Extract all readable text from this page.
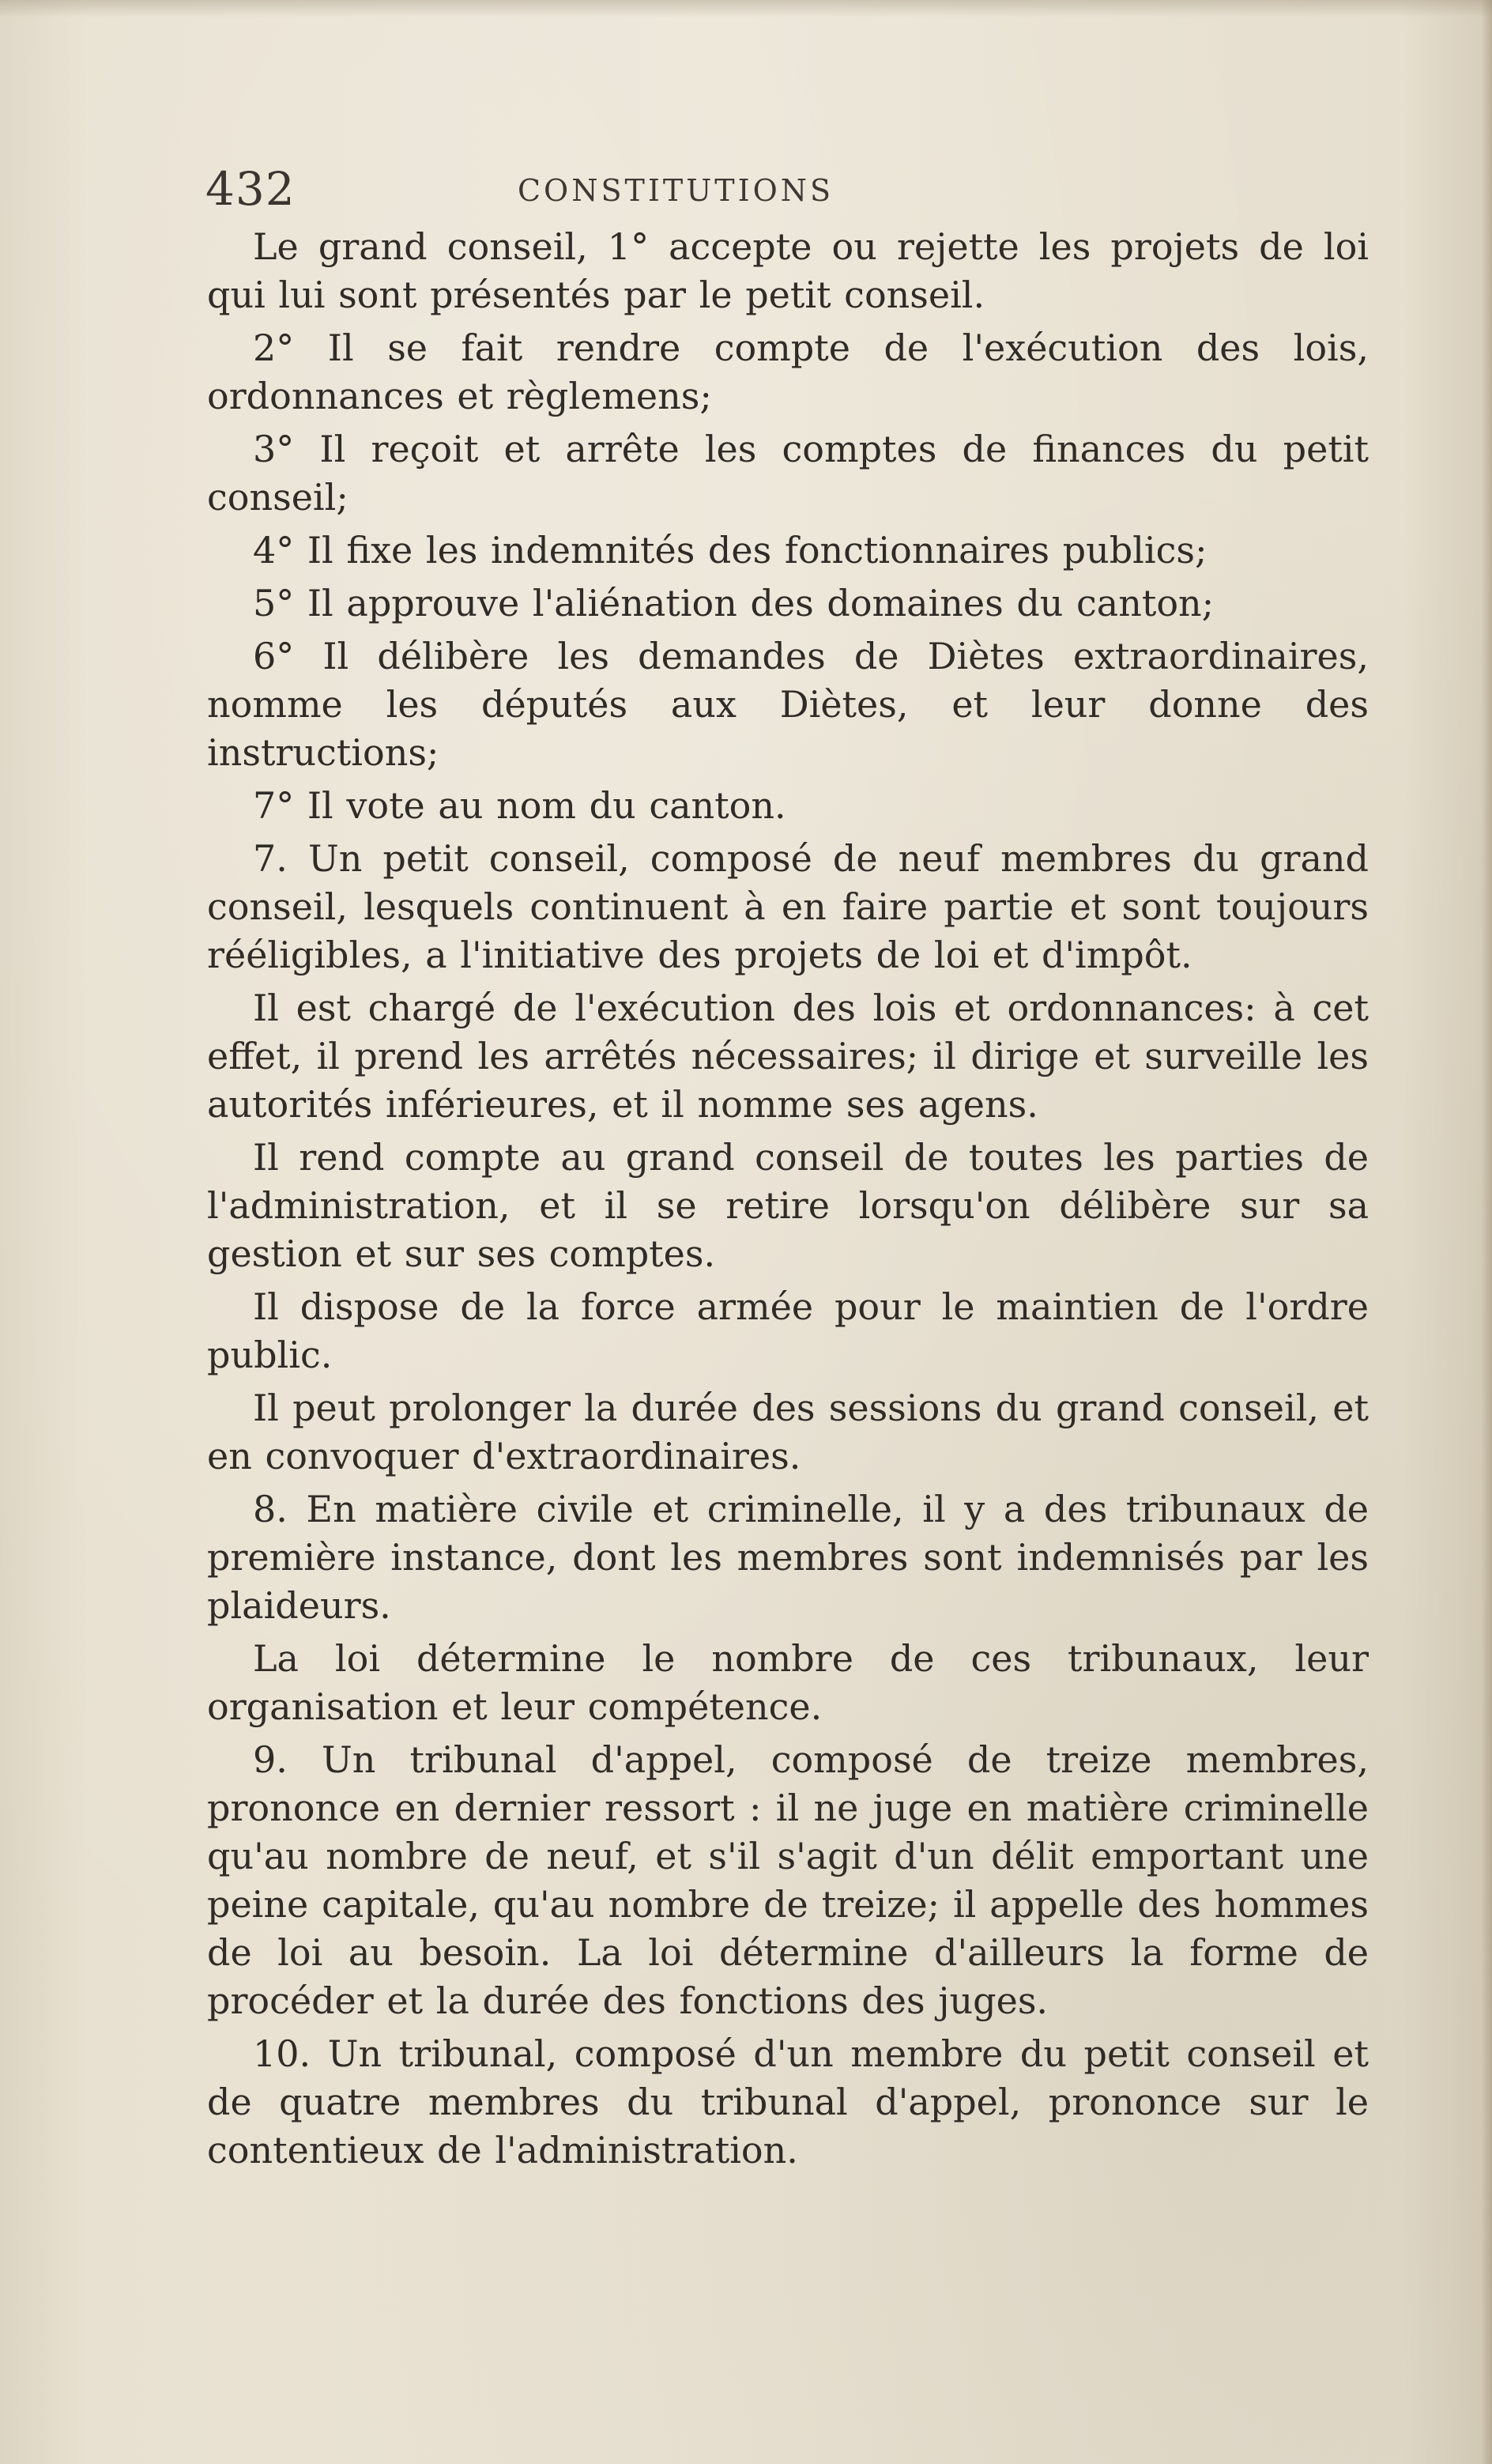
432	CONSTITUTIONS

Le grand conseil, 1° accepte ou rejette les projets de loi qui lui sont présentés par le petit conseil.

2° Il se fait rendre compte de l'exécution des lois, ordonnances et règlemens;

3° Il reçoit et arrête les comptes de finances du petit conseil;

4° Il fixe les indemnités des fonctionnaires publics;

5° Il approuve l'aliénation des domaines du canton;

6° Il délibère les demandes de Diètes extraordinaires, nomme les députés aux Diètes, et leur donne des instructions;

7° Il vote au nom du canton.

7. Un petit conseil, composé de neuf membres du grand conseil, lesquels continuent à en faire partie et sont toujours rééligibles, a l'initiative des projets de loi et d'impôt.

Il est chargé de l'exécution des lois et ordonnances: à cet effet, il prend les arrêtés nécessaires; il dirige et surveille les autorités inférieures, et il nomme ses agens.

Il rend compte au grand conseil de toutes les parties de l'administration, et il se retire lorsqu'on délibère sur sa gestion et sur ses comptes.

Il dispose de la force armée pour le maintien de l'ordre public.

Il peut prolonger la durée des sessions du grand conseil, et en convoquer d'extraordinaires.

8. En matière civile et criminelle, il y a des tribunaux de première instance, dont les membres sont indemnisés par les plaideurs.

La loi détermine le nombre de ces tribunaux, leur organisation et leur compétence.

9. Un tribunal d'appel, composé de treize membres, prononce en dernier ressort : il ne juge en matière criminelle qu'au nombre de neuf, et s'il s'agit d'un délit emportant une peine capitale, qu'au nombre de treize; il appelle des hommes de loi au besoin. La loi détermine d'ailleurs la forme de procéder et la durée des fonctions des juges.

10. Un tribunal, composé d'un membre du petit conseil et de quatre membres du tribunal d'appel, prononce sur le contentieux de l'administration.
